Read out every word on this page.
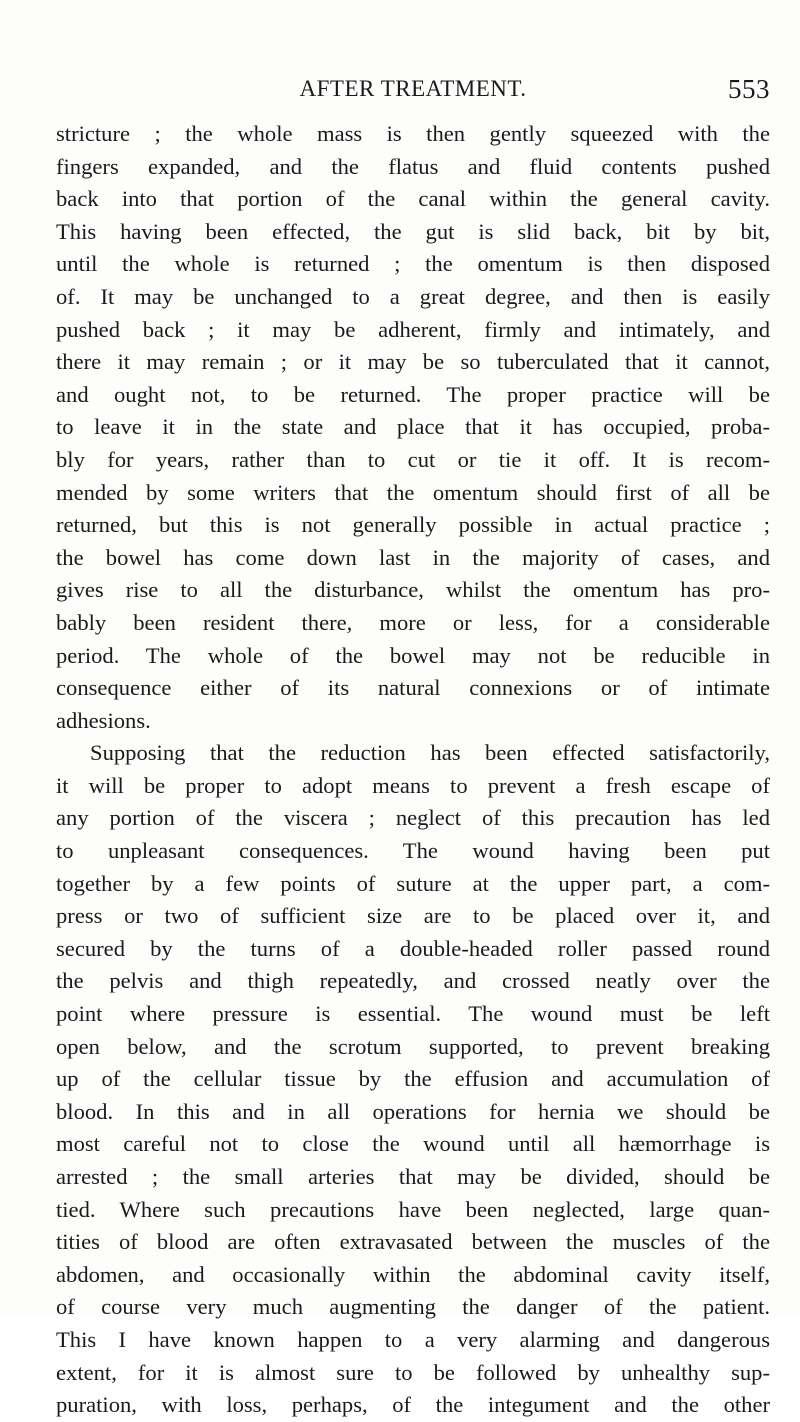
AFTER TREATMENT.	553
stricture ; the whole mass is then gently squeezed with the
fingers expanded, and the flatus and fluid contents pushed
back into that portion of the canal within the general cavity.
This having been effected, the gut is slid back, bit by bit,
until the whole is returned ; the omentum is then disposed
of. It may be unchanged to a great degree, and then is easily
pushed back ; it may be adherent, firmly and intimately, and
there it may remain ; or it may be so tuberculated that it cannot,
and ought not, to be returned. The proper practice will be
to leave it in the state and place that it has occupied, proba-
bly for years, rather than to cut or tie it off. It is recom-
mended by some writers that the omentum should first of all be
returned, but this is not generally possible in actual practice ;
the bowel has come down last in the majority of cases, and
gives rise to all the disturbance, whilst the omentum has pro-
bably been resident there, more or less, for a considerable
period. The whole of the bowel may not be reducible in
consequence either of its natural connexions or of intimate
adhesions.
Supposing that the reduction has been effected satisfactorily,
it will be proper to adopt means to prevent a fresh escape of
any portion of the viscera ; neglect of this precaution has led
to unpleasant consequences. The wound having been put
together by a few points of suture at the upper part, a com-
press or two of sufficient size are to be placed over it, and
secured by the turns of a double-headed roller passed round
the pelvis and thigh repeatedly, and crossed neatly over the
point where pressure is essential. The wound must be left
open below, and the scrotum supported, to prevent breaking
up of the cellular tissue by the effusion and accumulation of
blood. In this and in all operations for hernia we should be
most careful not to close the wound until all hæmorrhage is
arrested ; the small arteries that may be divided, should be
tied. Where such precautions have been neglected, large quan-
tities of blood are often extravasated between the muscles of the
abdomen, and occasionally within the abdominal cavity itself,
of course very much augmenting the danger of the patient.
This I have known happen to a very alarming and dangerous
extent, for it is almost sure to be followed by unhealthy sup-
puration, with loss, perhaps, of the integument and the other
